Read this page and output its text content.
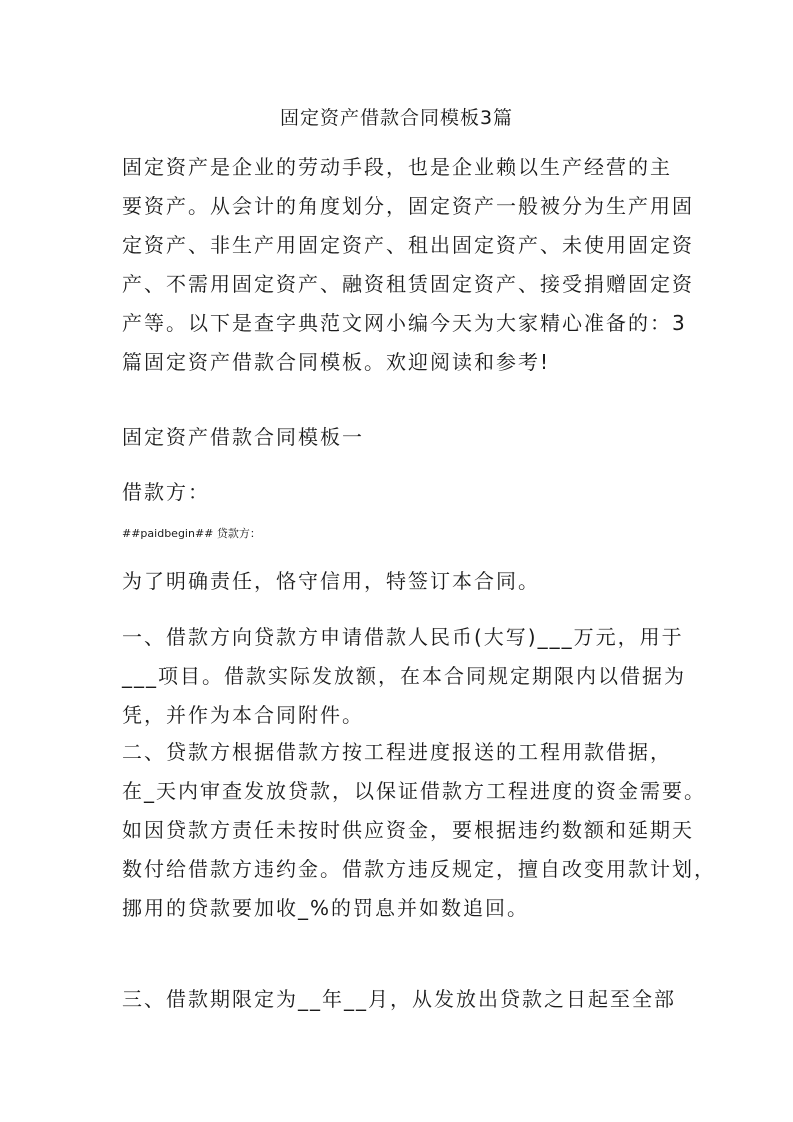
固定资产借款合同模板3篇
固定资产是企业的劳动手段，也是企业赖以生产经营的主
要资产。从会计的角度划分，固定资产一般被分为生产用固
定资产、非生产用固定资产、租出固定资产、未使用固定资
产、不需用固定资产、融资租赁固定资产、接受捐赠固定资
产等。以下是查字典范文网小编今天为大家精心准备的：3
篇固定资产借款合同模板。欢迎阅读和参考!
固定资产借款合同模板一
借款方：
##paidbegin## 贷款方：
为了明确责任，恪守信用，特签订本合同。
一、借款方向贷款方申请借款人民币(大写)___万元，用于
___项目。借款实际发放额，在本合同规定期限内以借据为
凭，并作为本合同附件。
二、贷款方根据借款方按工程进度报送的工程用款借据，
在_天内审查发放贷款，以保证借款方工程进度的资金需要。
如因贷款方责任未按时供应资金，要根据违约数额和延期天
数付给借款方违约金。借款方违反规定，擅自改变用款计划，
挪用的贷款要加收_%的罚息并如数追回。
三、借款期限定为__年__月，从发放出贷款之日起至全部
